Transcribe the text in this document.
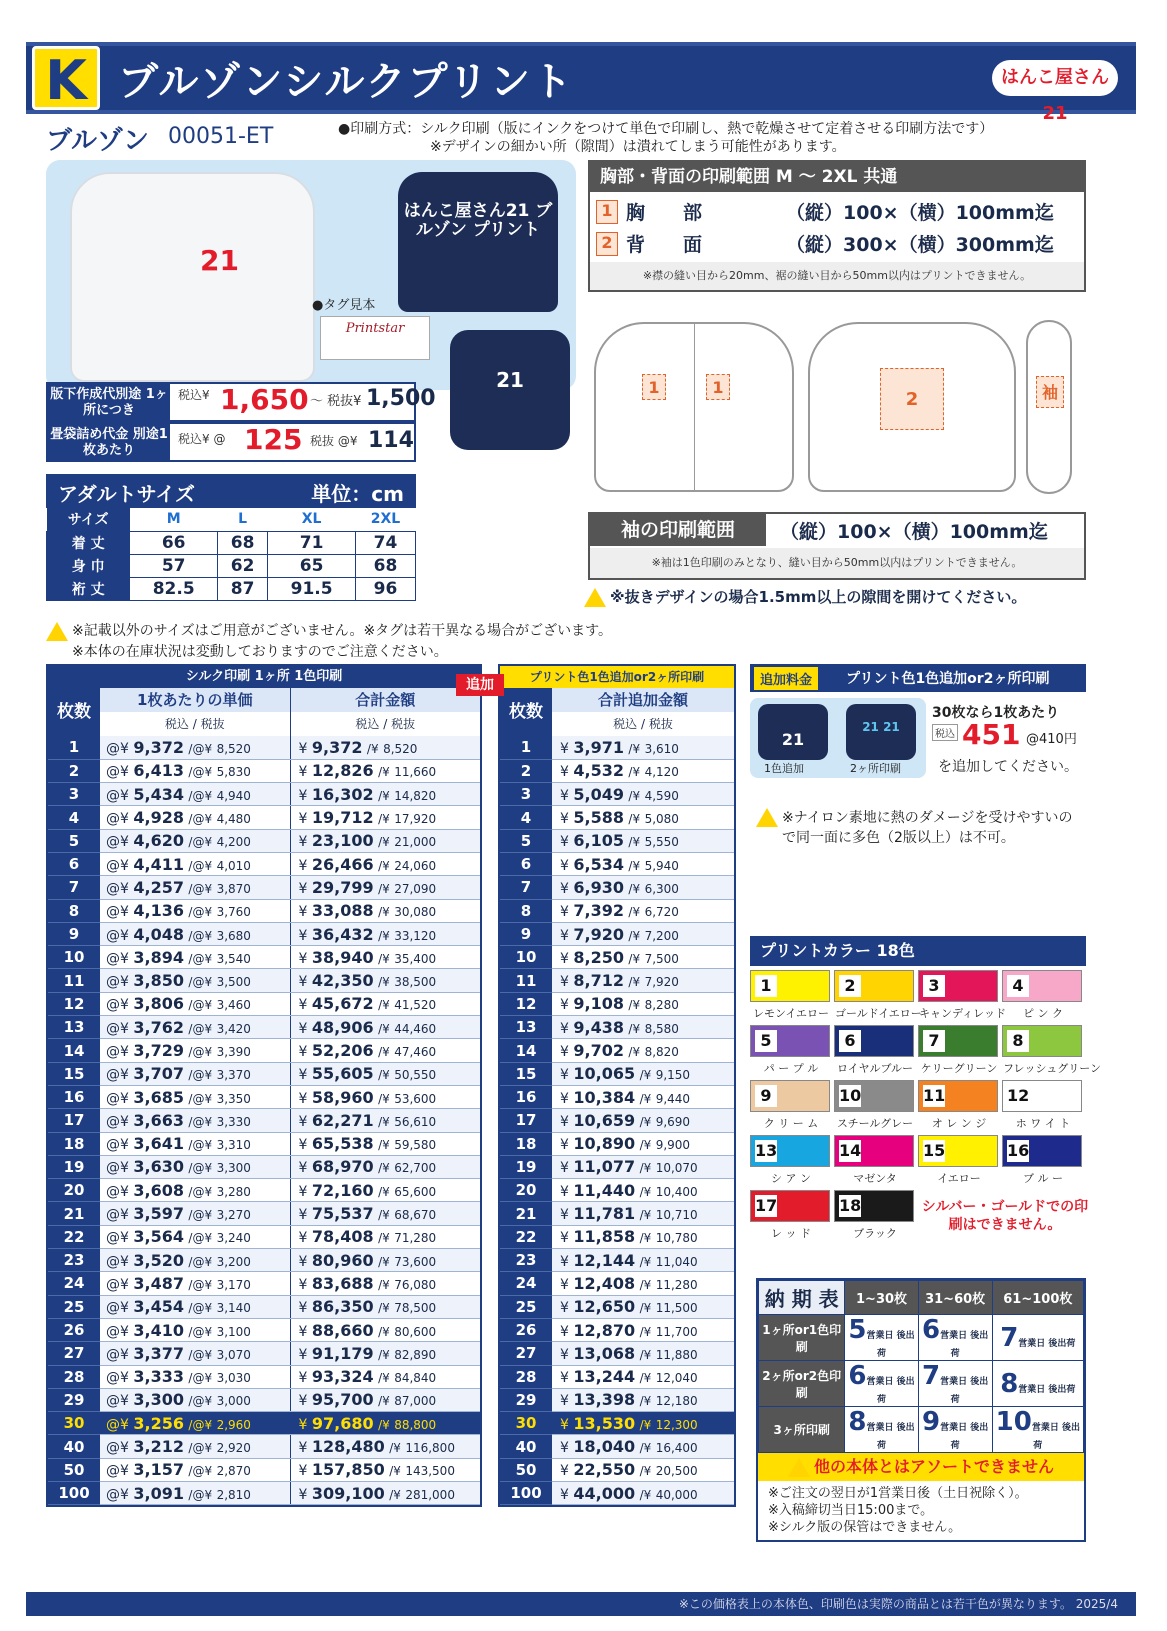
K ブルゾンシルクプリント	はんこ屋さん21
ブルゾン 00051-ET	●印刷方式：シルク印刷（版にインクをつけて単色で印刷し、熱で乾燥させて定着させる印刷方法です）
※デザインの細かい所（隙間）は潰れてしまう可能性があります。
21
はんこ屋さん21 ブルゾン プリント
●タグ見本
Printstar
21
版下作成代別途 1ヶ所につき
税込¥ 1,650 ～ 税抜¥ 1,500
畳袋詰め代金 別途1枚あたり
税込¥ @ 125 税抜 @¥ 114
アダルトサイズ	単位：cm
サイズ	M	L	XL	2XL
着 丈	66	68	71	74
身 巾	57	62	65	68
裄 丈	82.5	87	91.5	96
胸部・背面の印刷範囲 M ～ 2XL 共通
1 胸　　部	（縦）100×（横）100mm迄
2 背　　面	（縦）300×（横）300mm迄
※襟の縫い目から20mm、裾の縫い目から50mm以内はプリントできません。
1	1
2	袖
袖の印刷範囲	（縦）100×（横）100mm迄
※袖は1色印刷のみとなり、縫い目から50mm以内はプリントできません。
※抜きデザインの場合1.5mm以上の隙間を開けてください。
※記載以外のサイズはご用意がございません。※タグは若干異なる場合がございます。
※本体の在庫状況は変動しておりますのでご注意ください。
シルク印刷 1ヶ所 1色印刷
枚数
1枚あたりの単価	合計金額
税込 / 税抜	税込 / 税抜
1	@¥ 9,372 /@¥ 8,520	¥ 9,372 /¥ 8,520
2	@¥ 6,413 /@¥ 5,830	¥ 12,826 /¥ 11,660
3	@¥ 5,434 /@¥ 4,940	¥ 16,302 /¥ 14,820
4	@¥ 4,928 /@¥ 4,480	¥ 19,712 /¥ 17,920
5	@¥ 4,620 /@¥ 4,200	¥ 23,100 /¥ 21,000
6	@¥ 4,411 /@¥ 4,010	¥ 26,466 /¥ 24,060
7	@¥ 4,257 /@¥ 3,870	¥ 29,799 /¥ 27,090
8	@¥ 4,136 /@¥ 3,760	¥ 33,088 /¥ 30,080
9	@¥ 4,048 /@¥ 3,680	¥ 36,432 /¥ 33,120
10	@¥ 3,894 /@¥ 3,540	¥ 38,940 /¥ 35,400
11	@¥ 3,850 /@¥ 3,500	¥ 42,350 /¥ 38,500
12	@¥ 3,806 /@¥ 3,460	¥ 45,672 /¥ 41,520
13	@¥ 3,762 /@¥ 3,420	¥ 48,906 /¥ 44,460
14	@¥ 3,729 /@¥ 3,390	¥ 52,206 /¥ 47,460
15	@¥ 3,707 /@¥ 3,370	¥ 55,605 /¥ 50,550
16	@¥ 3,685 /@¥ 3,350	¥ 58,960 /¥ 53,600
17	@¥ 3,663 /@¥ 3,330	¥ 62,271 /¥ 56,610
18	@¥ 3,641 /@¥ 3,310	¥ 65,538 /¥ 59,580
19	@¥ 3,630 /@¥ 3,300	¥ 68,970 /¥ 62,700
20	@¥ 3,608 /@¥ 3,280	¥ 72,160 /¥ 65,600
21	@¥ 3,597 /@¥ 3,270	¥ 75,537 /¥ 68,670
22	@¥ 3,564 /@¥ 3,240	¥ 78,408 /¥ 71,280
23	@¥ 3,520 /@¥ 3,200	¥ 80,960 /¥ 73,600
24	@¥ 3,487 /@¥ 3,170	¥ 83,688 /¥ 76,080
25	@¥ 3,454 /@¥ 3,140	¥ 86,350 /¥ 78,500
26	@¥ 3,410 /@¥ 3,100	¥ 88,660 /¥ 80,600
27	@¥ 3,377 /@¥ 3,070	¥ 91,179 /¥ 82,890
28	@¥ 3,333 /@¥ 3,030	¥ 93,324 /¥ 84,840
29	@¥ 3,300 /@¥ 3,000	¥ 95,700 /¥ 87,000
30	@¥ 3,256 /@¥ 2,960	¥ 97,680 /¥ 88,800
40	@¥ 3,212 /@¥ 2,920	¥ 128,480 /¥ 116,800
50	@¥ 3,157 /@¥ 2,870	¥ 157,850 /¥ 143,500
100	@¥ 3,091 /@¥ 2,810	¥ 309,100 /¥ 281,000
追加	プリント色1色追加or2ヶ所印刷
枚数
合計追加金額
税込 / 税抜
1	¥ 3,971 /¥ 3,610
2	¥ 4,532 /¥ 4,120
3	¥ 5,049 /¥ 4,590
4	¥ 5,588 /¥ 5,080
5	¥ 6,105 /¥ 5,550
6	¥ 6,534 /¥ 5,940
7	¥ 6,930 /¥ 6,300
8	¥ 7,392 /¥ 6,720
9	¥ 7,920 /¥ 7,200
10	¥ 8,250 /¥ 7,500
11	¥ 8,712 /¥ 7,920
12	¥ 9,108 /¥ 8,280
13	¥ 9,438 /¥ 8,580
14	¥ 9,702 /¥ 8,820
15	¥ 10,065 /¥ 9,150
16	¥ 10,384 /¥ 9,440
17	¥ 10,659 /¥ 9,690
18	¥ 10,890 /¥ 9,900
19	¥ 11,077 /¥ 10,070
20	¥ 11,440 /¥ 10,400
21	¥ 11,781 /¥ 10,710
22	¥ 11,858 /¥ 10,780
23	¥ 12,144 /¥ 11,040
24	¥ 12,408 /¥ 11,280
25	¥ 12,650 /¥ 11,500
26	¥ 12,870 /¥ 11,700
27	¥ 13,068 /¥ 11,880
28	¥ 13,244 /¥ 12,040
29	¥ 13,398 /¥ 12,180
30	¥ 13,530 /¥ 12,300
40	¥ 18,040 /¥ 16,400
50	¥ 22,550 /¥ 20,500
100	¥ 44,000 /¥ 40,000
追加料金	プリント色1色追加or2ヶ所印刷
21
21 21
1色追加	2ヶ所印刷
30枚なら1枚あたり
税込 451 @410円
を追加してください。
※ナイロン素地に熱のダメージを受けやすいので同一面に多色（2版以上）は不可。
プリントカラー 18色
1
レモンイエロー
2
ゴールドイエロー
3
キャンディレッド
4
ピ ン ク
5
パ ー プ ル
6
ロイヤルブルー
7
ケリーグリーン
8
フレッシュグリーン
9
ク リ ー ム
10
スチールグレー
11
オ レ ン ジ
12
ホ ワ イ ト
13
シ ア ン
14
マゼンタ
15
イエロー
16
ブ ル ー
17
レ ッ ド
18
ブラック
シルバー・ゴールドでの印刷はできません。
納 期 表	1~30枚	31~60枚	61~100枚
1ヶ所or1色印刷	5営業日 後出荷	6営業日 後出荷	7営業日 後出荷
2ヶ所or2色印刷	6営業日 後出荷	7営業日 後出荷	8営業日 後出荷
3ヶ所印刷	8営業日 後出荷	9営業日 後出荷	10営業日 後出荷
他の本体とはアソートできません
※ご注文の翌日が1営業日後（土日祝除く）。
※入稿締切当日15:00まで。
※シルク版の保管はできません。
※この価格表上の本体色、印刷色は実際の商品とは若干色が異なります。 2025/4
